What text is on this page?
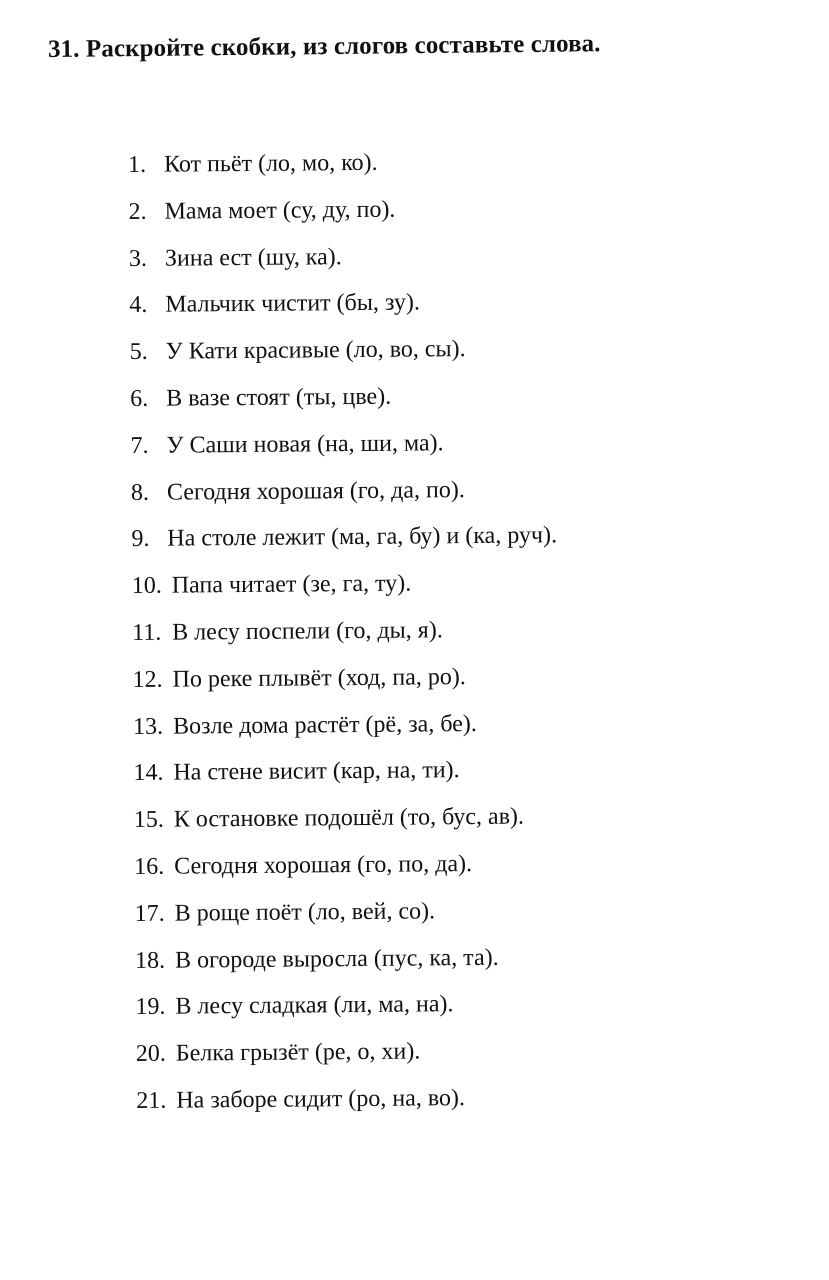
31. Раскройте скобки, из слогов составьте слова.
1. Кот пьёт (ло, мо, ко).
2. Мама моет (су, ду, по).
3. Зина ест (шу, ка).
4. Мальчик чистит (бы, зу).
5. У Кати красивые (ло, во, сы).
6. В вазе стоят (ты, цве).
7. У Саши новая (на, ши, ма).
8. Сегодня хорошая (го, да, по).
9. На столе лежит (ма, га, бу) и (ка, руч).
10. Папа читает (зе, га, ту).
11. В лесу поспели (го, ды, я).
12. По реке плывёт (ход, па, ро).
13. Возле дома растёт (рё, за, бе).
14. На стене висит (кар, на, ти).
15. К остановке подошёл (то, бус, ав).
16. Сегодня хорошая (го, по, да).
17. В роще поёт (ло, вей, со).
18. В огороде выросла (пус, ка, та).
19. В лесу сладкая (ли, ма, на).
20. Белка грызёт (ре, о, хи).
21. На заборе сидит (ро, на, во).
